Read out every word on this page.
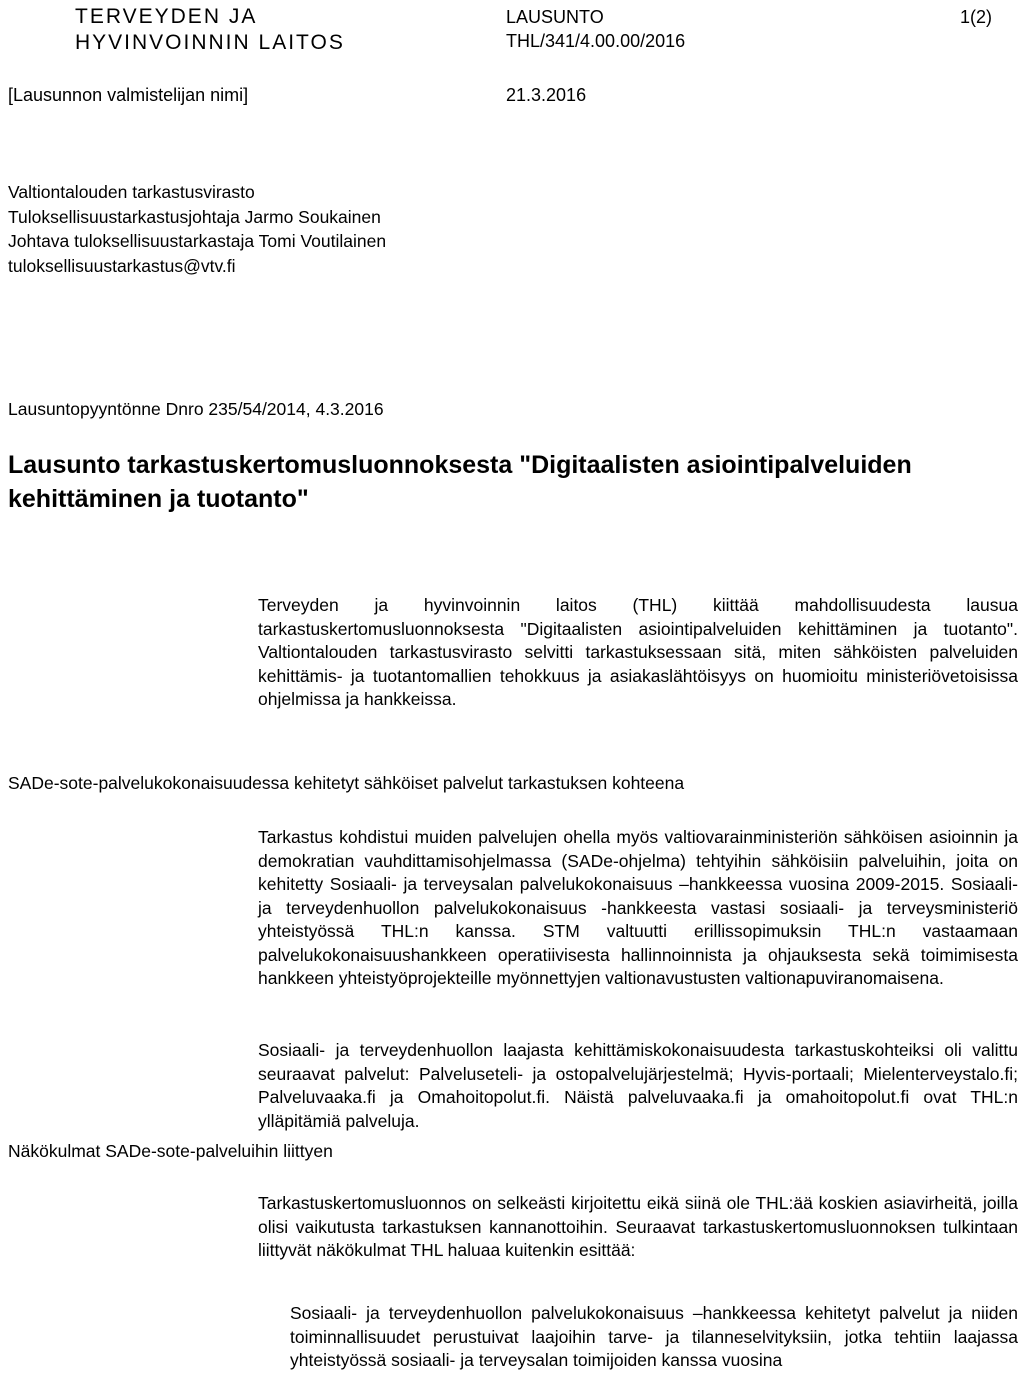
TERVEYDEN JA
HYVINVOINNIN LAITOS
LAUSUNTO
THL/341/4.00.00/2016
1(2)
[Lausunnon valmistelijan nimi]	21.3.2016
Valtiontalouden tarkastusvirasto
Tuloksellisuustarkastusjohtaja Jarmo Soukainen
Johtava tuloksellisuustarkastaja Tomi Voutilainen
tuloksellisuustarkastus@vtv.fi
Lausuntopyyntönne Dnro 235/54/2014, 4.3.2016
Lausunto tarkastuskertomusluonnoksesta "Digitaalisten asiointipalveluiden
kehittäminen ja tuotanto"
Terveyden ja hyvinvoinnin laitos (THL) kiittää mahdollisuudesta lausua tarkastuskertomusluonnoksesta "Digitaalisten asiointipalveluiden kehittäminen ja tuotanto". Valtiontalouden tarkastusvirasto selvitti tarkastuksessaan sitä, miten sähköisten palveluiden kehittämis- ja tuotantomallien tehokkuus ja asiakaslähtöisyys on huomioitu ministeriövetoisissa ohjelmissa ja hankkeissa.
SADe-sote-palvelukokonaisuudessa kehitetyt sähköiset palvelut tarkastuksen kohteena
Tarkastus kohdistui muiden palvelujen ohella myös valtiovarainministeriön sähköisen asioinnin ja demokratian vauhdittamisohjelmassa (SADe-ohjelma) tehtyihin sähköisiin palveluihin, joita on kehitetty Sosiaali- ja terveysalan palvelukokonaisuus –hankkeessa vuosina 2009-2015. Sosiaali- ja terveydenhuollon palvelukokonaisuus -hankkeesta vastasi sosiaali- ja terveysministeriö yhteistyössä THL:n kanssa. STM valtuutti erillissopimuksin THL:n vastaamaan palvelukokonaisuushankkeen operatiivisesta hallinnoinnista ja ohjauksesta sekä toimimisesta hankkeen yhteistyöprojekteille myönnettyjen valtionavustusten valtionapuviranomaisena.
Sosiaali- ja terveydenhuollon laajasta kehittämiskokonaisuudesta tarkastuskohteiksi oli valittu seuraavat palvelut: Palveluseteli- ja ostopalvelujärjestelmä; Hyvis-portaali; Mielenterveystalo.fi; Palveluvaaka.fi ja Omahoitopolut.fi. Näistä palveluvaaka.fi ja omahoitopolut.fi ovat THL:n ylläpitämiä palveluja.
Näkökulmat SADe-sote-palveluihin liittyen
Tarkastuskertomusluonnos on selkeästi kirjoitettu eikä siinä ole THL:ää koskien asiavirheitä, joilla olisi vaikutusta tarkastuksen kannanottoihin. Seuraavat tarkastuskertomusluonnoksen tulkintaan liittyvät näkökulmat THL haluaa kuitenkin esittää:
Sosiaali- ja terveydenhuollon palvelukokonaisuus –hankkeessa kehitetyt palvelut ja niiden toiminnallisuudet perustuivat laajoihin tarve- ja tilanneselvityksiin, jotka tehtiin laajassa yhteistyössä sosiaali- ja terveysalan toimijoiden kanssa vuosina
